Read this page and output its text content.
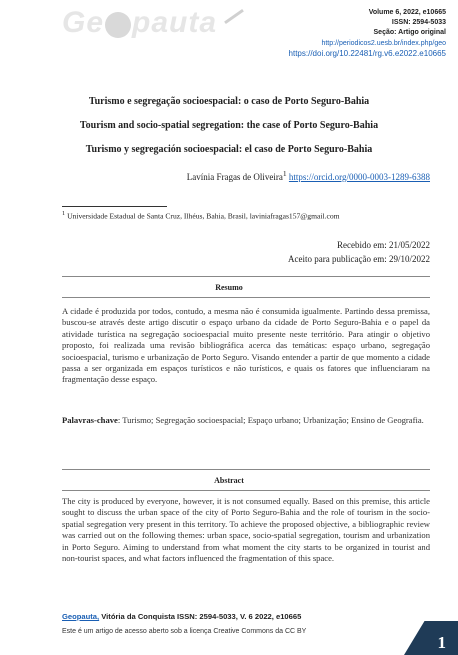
Ge pauta	Volume 6, 2022, e10665
ISSN: 2594-5033
Seção: Artigo original
http://periodicos2.uesb.br/index.php/geo
https://doi.org/10.22481/rg.v6.e2022.e10665
Turismo e segregação socioespacial: o caso de Porto Seguro-Bahia
Tourism and socio-spatial segregation: the case of Porto Seguro-Bahia
Turismo y segregación socioespacial: el caso de Porto Seguro-Bahia
Lavínia Fragas de Oliveira$^1$ https://orcid.org/0000-0003-1289-6388
$^1$ Universidade Estadual de Santa Cruz, Ilhéus, Bahia, Brasil, laviniafragas157@gmail.com
Recebido em: 21/05/2022
Aceito para publicação em: 29/10/2022
Resumo

A cidade é produzida por todos, contudo, a mesma não é consumida igualmente. Partindo dessa premissa, buscou-se através deste artigo discutir o espaço urbano da cidade de Porto Seguro-Bahia e o papel da atividade turística na segregação socioespacial muito presente neste território. Para atingir o objetivo proposto, foi realizada uma revisão bibliográfica acerca das temáticas: espaço urbano, segregação socioespacial, turismo e urbanização de Porto Seguro. Visando entender a partir de que momento a cidade passa a ser organizada em espaços turísticos e não turísticos, e quais os fatores que influenciaram na fragmentação desse espaço.

Palavras-chave: Turismo; Segregação socioespacial; Espaço urbano; Urbanização; Ensino de Geografia.

Abstract

The city is produced by everyone, however, it is not consumed equally. Based on this premise, this article sought to discuss the urban space of the city of Porto Seguro-Bahia and the role of tourism in the socio-spatial segregation very present in this territory. To achieve the proposed objective, a bibliographic review was carried out on the following themes: urban space, socio-spatial segregation, tourism and urbanization in Porto Seguro. Aiming to understand from what moment the city starts to be organized in tourist and non-tourist spaces, and what factors influenced the fragmentation of this space.

Geopauta, Vitória da Conquista ISSN: 2594-5033, V. 6 2022, e10665
Este é um artigo de acesso aberto sob a licença Creative Commons da CC BY
1
